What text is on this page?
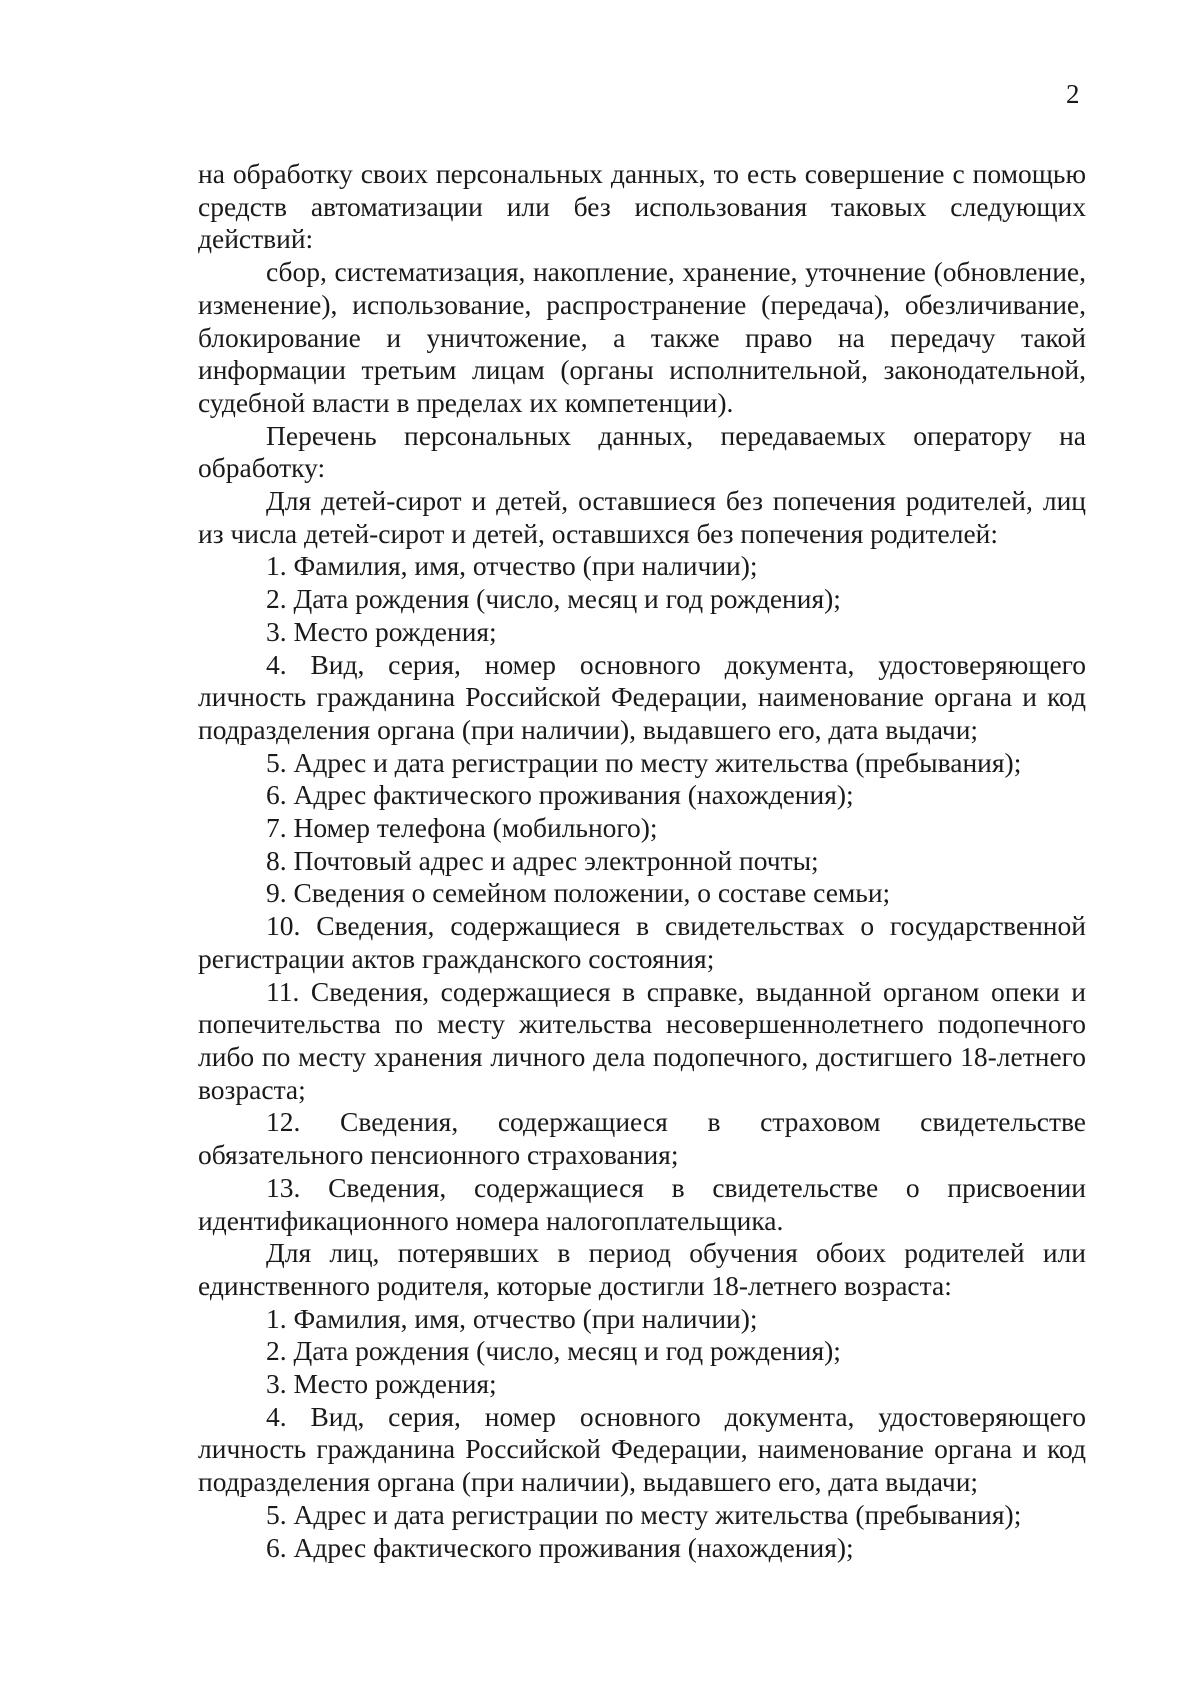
2

на обработку своих персональных данных, то есть совершение с помощью средств автоматизации или без использования таковых следующих действий:

сбор, систематизация, накопление, хранение, уточнение (обновление, изменение), использование, распространение (передача), обезличивание, блокирование и уничтожение, а также право на передачу такой информации третьим лицам (органы исполнительной, законодательной, судебной власти в пределах их компетенции).

Перечень персональных данных, передаваемых оператору на обработку:

Для детей-сирот и детей, оставшиеся без попечения родителей, лиц из числа детей-сирот и детей, оставшихся без попечения родителей:

1. Фамилия, имя, отчество (при наличии);

2. Дата рождения (число, месяц и год рождения);

3. Место рождения;

4. Вид, серия, номер основного документа, удостоверяющего личность гражданина Российской Федерации, наименование органа и код подразделения органа (при наличии), выдавшего его, дата выдачи;

5. Адрес и дата регистрации по месту жительства (пребывания);

6. Адрес фактического проживания (нахождения);

7. Номер телефона (мобильного);

8. Почтовый адрес и адрес электронной почты;

9. Сведения о семейном положении, о составе семьи;

10. Сведения, содержащиеся в свидетельствах о государственной регистрации актов гражданского состояния;

11. Сведения, содержащиеся в справке, выданной органом опеки и попечительства по месту жительства несовершеннолетнего подопечного либо по месту хранения личного дела подопечного, достигшего 18-летнего возраста;

12. Сведения, содержащиеся в страховом свидетельстве обязательного пенсионного страхования;

13. Сведения, содержащиеся в свидетельстве о присвоении идентификационного номера налогоплательщика.

Для лиц, потерявших в период обучения обоих родителей или единственного родителя, которые достигли 18-летнего возраста:

1. Фамилия, имя, отчество (при наличии);

2. Дата рождения (число, месяц и год рождения);

3. Место рождения;

4. Вид, серия, номер основного документа, удостоверяющего личность гражданина Российской Федерации, наименование органа и код подразделения органа (при наличии), выдавшего его, дата выдачи;

5. Адрес и дата регистрации по месту жительства (пребывания);

6. Адрес фактического проживания (нахождения);
